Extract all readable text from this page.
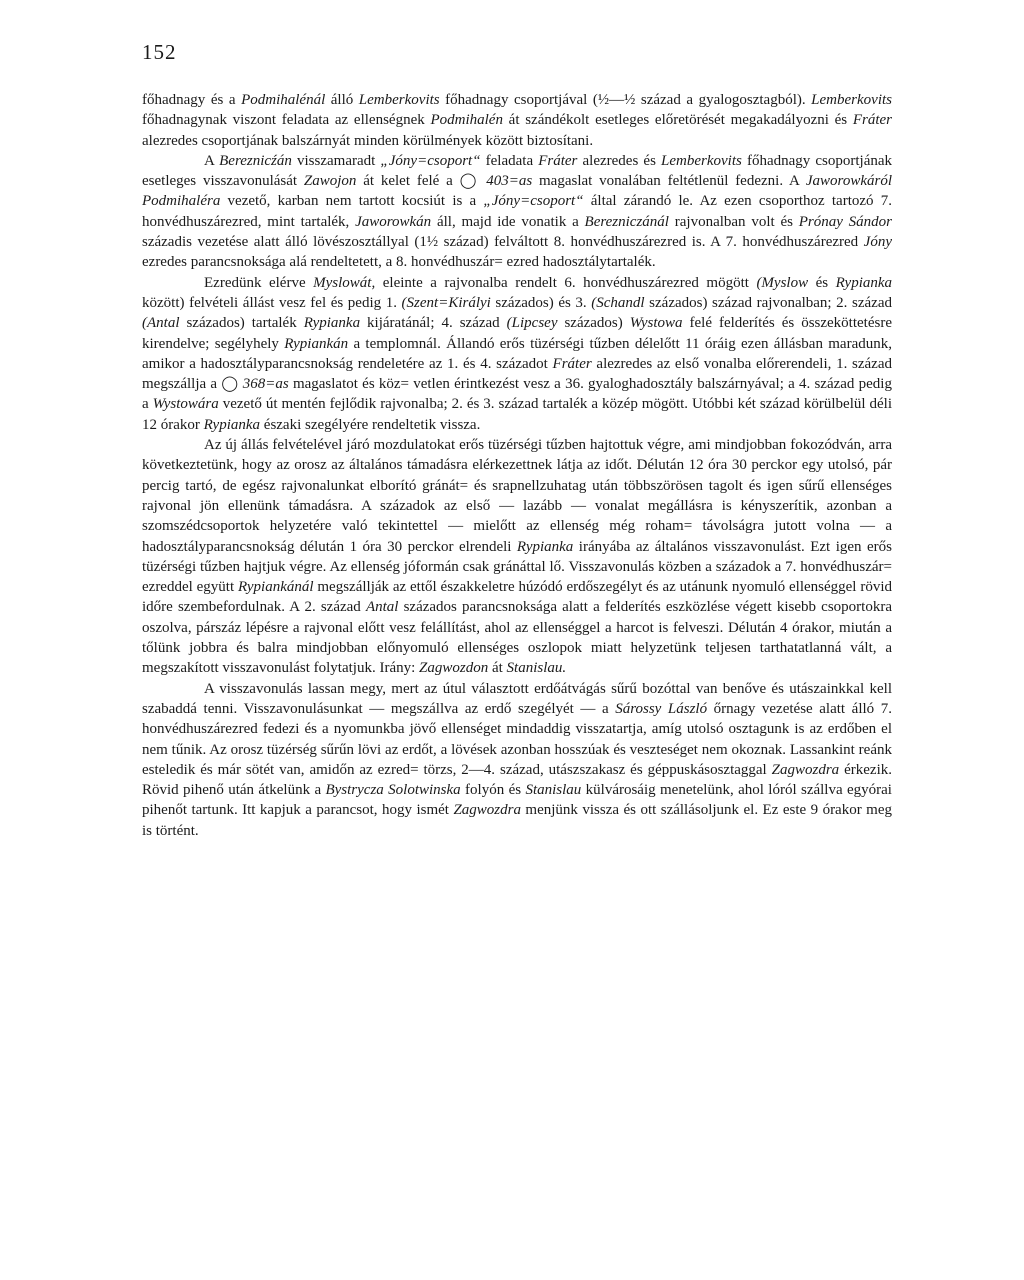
152

főhadnagy és a Podmihalénál álló Lemberkovits főhadnagy csoportjával (½—½ század a gyalogosztagból). Lemberkovits főhadnagynak viszont feladata az ellenségnek Podmihalén át szándékolt esetleges előretörését megakadályozni és Fráter alezredes csoportjának balszárnyát minden körülmények között biztosítani.

A Bereznicźán visszamaradt „Jóny=csoport“ feladata Fráter alezredes és Lemberkovits főhadnagy csoportjának esetleges visszavonulását Zawojon át kelet felé a ◯ 403=as magaslat vonalában feltétlenül fedezni. A Jaworowkáról Podmihaléra vezető, karban nem tartott kocsiút is a „Jóny=csoport“ által zárandó le. Az ezen csoporthoz tartozó 7. honvédhuszárezred, mint tartalék, Jaworowkán áll, majd ide vonatik a Berezniczánál rajvonalban volt és Prónay Sándor századis vezetése alatt álló lövészosztállyal (1½ század) felváltott 8. honvédhuszárezred is. A 7. honvédhuszárezred Jóny ezredes parancsnoksága alá rendeltetett, a 8. honvédhuszár= ezred hadosztálytartalék.

Ezredünk elérve Myslowát, eleinte a rajvonalba rendelt 6. honvédhuszárezred mögött (Myslow és Rypianka között) felvételi állást vesz fel és pedig 1. (Szent=Királyi százados) és 3. (Schandl százados) század rajvonalban; 2. század (Antal százados) tartalék Rypianka kijáratánál; 4. század (Lipcsey százados) Wystowa felé felderítés és összeköttetésre kirendelve; segélyhely Rypiankán a templomnál. Állandó erős tüzérségi tűzben délelőtt 11 óráig ezen állásban maradunk, amikor a hadosztályparancsnokság rendeletére az 1. és 4. századot Fráter alezredes az első vonalba előrerendeli, 1. század megszállja a ◯ 368=as magaslatot és köz= vetlen érintkezést vesz a 36. gyaloghadosztály balszárnyával; a 4. század pedig a Wystowára vezető út mentén fejlődik rajvonalba; 2. és 3. század tartalék a közép mögött. Utóbbi két század körülbelül déli 12 órakor Rypianka északi szegélyére rendeltetik vissza.

Az új állás felvételével járó mozdulatokat erős tüzérségi tűzben hajtottuk végre, ami mindjobban fokozódván, arra következtetünk, hogy az orosz az általános támadásra elérkezettnek látja az időt. Délután 12 óra 30 perckor egy utolsó, pár percig tartó, de egész rajvonalunkat elborító gránát= és srapnellzuhatag után többszörösen tagolt és igen sűrű ellenséges rajvonal jön ellenünk támadásra. A századok az első — lazább — vonalat megállásra is kényszerítik, azonban a szomszédcsoportok helyzetére való tekintettel — mielőtt az ellenség még roham= távolságra jutott volna — a hadosztályparancsnokság délután 1 óra 30 perckor elrendeli Rypianka irányába az általános visszavonulást. Ezt igen erős tüzérségi tűzben hajtjuk végre. Az ellenség jóformán csak gránáttal lő. Visszavonulás közben a századok a 7. honvédhuszár= ezreddel együtt Rypiankánál megszállják az ettől északkeletre húzódó erdőszegélyt és az utánunk nyomuló ellenséggel rövid időre szembefordulnak. A 2. század Antal százados parancsnoksága alatt a felderítés eszközlése végett kisebb csoportokra oszolva, párszáz lépésre a rajvonal előtt vesz felállítást, ahol az ellenséggel a harcot is felveszi. Délután 4 órakor, miután a tőlünk jobbra és balra mindjobban előnyomuló ellenséges oszlopok miatt helyzetünk teljesen tarthatatlanná vált, a megszakított visszavonulást folytatjuk. Irány: Zagwozdon át Stanislau.

A visszavonulás lassan megy, mert az útul választott erdőátvágás sűrű bozóttal van benőve és utászainkkal kell szabaddá tenni. Visszavonulásunkat — megszállva az erdő szegélyét — a Sárossy László őrnagy vezetése alatt álló 7. honvédhuszárezred fedezi és a nyomunkba jövő ellenséget mindaddig visszatartja, amíg utolsó osztagunk is az erdőben el nem tűnik. Az orosz tüzérség sűrűn lövi az erdőt, a lövések azonban hosszúak és veszteséget nem okoznak. Lassankint reánk esteledik és már sötét van, amidőn az ezred= törzs, 2—4. század, utászszakasz és géppuskásosztaggal Zagwozdra érkezik. Rövid pihenő után átkelünk a Bystrycza Solotwinska folyón és Stanislau külvárosáig menetelünk, ahol lóról szállva egyórai pihenőt tartunk. Itt kapjuk a parancsot, hogy ismét Zagwozdra menjünk vissza és ott szállásoljunk el. Ez este 9 órakor meg is történt.
